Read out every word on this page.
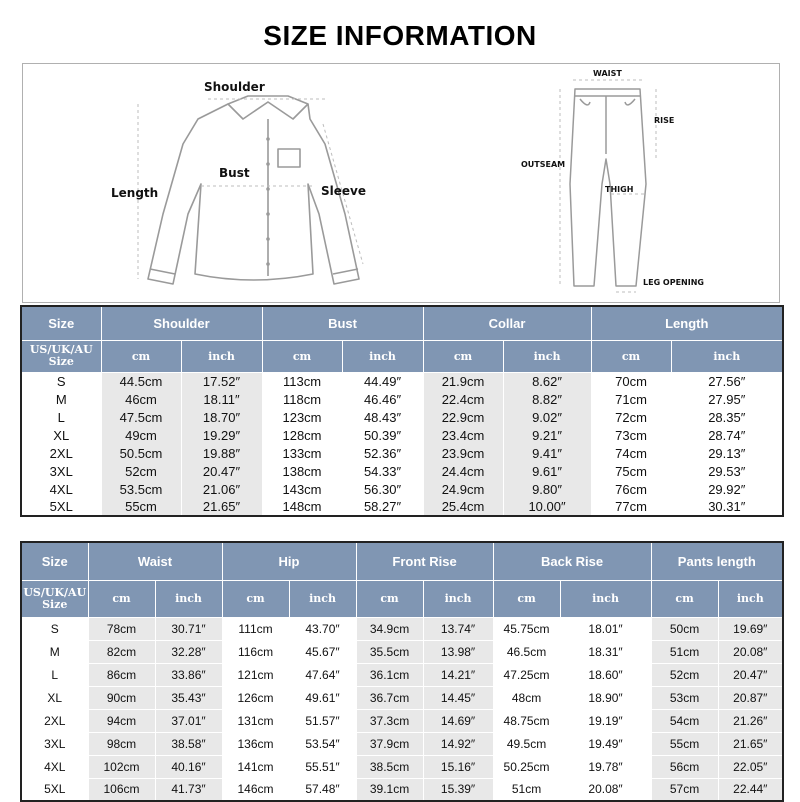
SIZE INFORMATION
Shoulder
Bust
Length	Sleeve
WAIST
RISE
OUTSEAM
THIGH
LEG OPENING
Size	Shoulder		Bust		Collar		Length	
US/UK/AU
Size	cm	inch	cm	inch	cm	inch	cm	inch
S	44.5cm	17.52″	113cm	44.49″	21.9cm	8.62″	70cm	27.56″
M	46cm	18.11″	118cm	46.46″	22.4cm	8.82″	71cm	27.95″
L	47.5cm	18.70″	123cm	48.43″	22.9cm	9.02″	72cm	28.35″
XL	49cm	19.29″	128cm	50.39″	23.4cm	9.21″	73cm	28.74″
2XL	50.5cm	19.88″	133cm	52.36″	23.9cm	9.41″	74cm	29.13″
3XL	52cm	20.47″	138cm	54.33″	24.4cm	9.61″	75cm	29.53″
4XL	53.5cm	21.06″	143cm	56.30″	24.9cm	9.80″	76cm	29.92″
5XL	55cm	21.65″	148cm	58.27″	25.4cm	10.00″	77cm	30.31″
Size	Waist		Hip		Front Rise		Back Rise		Pants length	
US/UK/AU
Size	cm	inch	cm	inch	cm	inch	cm	inch	cm	inch
S	78cm	30.71″	111cm	43.70″	34.9cm	13.74″	45.75cm	18.01″	50cm	19.69″
M	82cm	32.28″	116cm	45.67″	35.5cm	13.98″	46.5cm	18.31″	51cm	20.08″
L	86cm	33.86″	121cm	47.64″	36.1cm	14.21″	47.25cm	18.60″	52cm	20.47″
XL	90cm	35.43″	126cm	49.61″	36.7cm	14.45″	48cm	18.90″	53cm	20.87″
2XL	94cm	37.01″	131cm	51.57″	37.3cm	14.69″	48.75cm	19.19″	54cm	21.26″
3XL	98cm	38.58″	136cm	53.54″	37.9cm	14.92″	49.5cm	19.49″	55cm	21.65″
4XL	102cm	40.16″	141cm	55.51″	38.5cm	15.16″	50.25cm	19.78″	56cm	22.05″
5XL	106cm	41.73″	146cm	57.48″	39.1cm	15.39″	51cm	20.08″	57cm	22.44″
